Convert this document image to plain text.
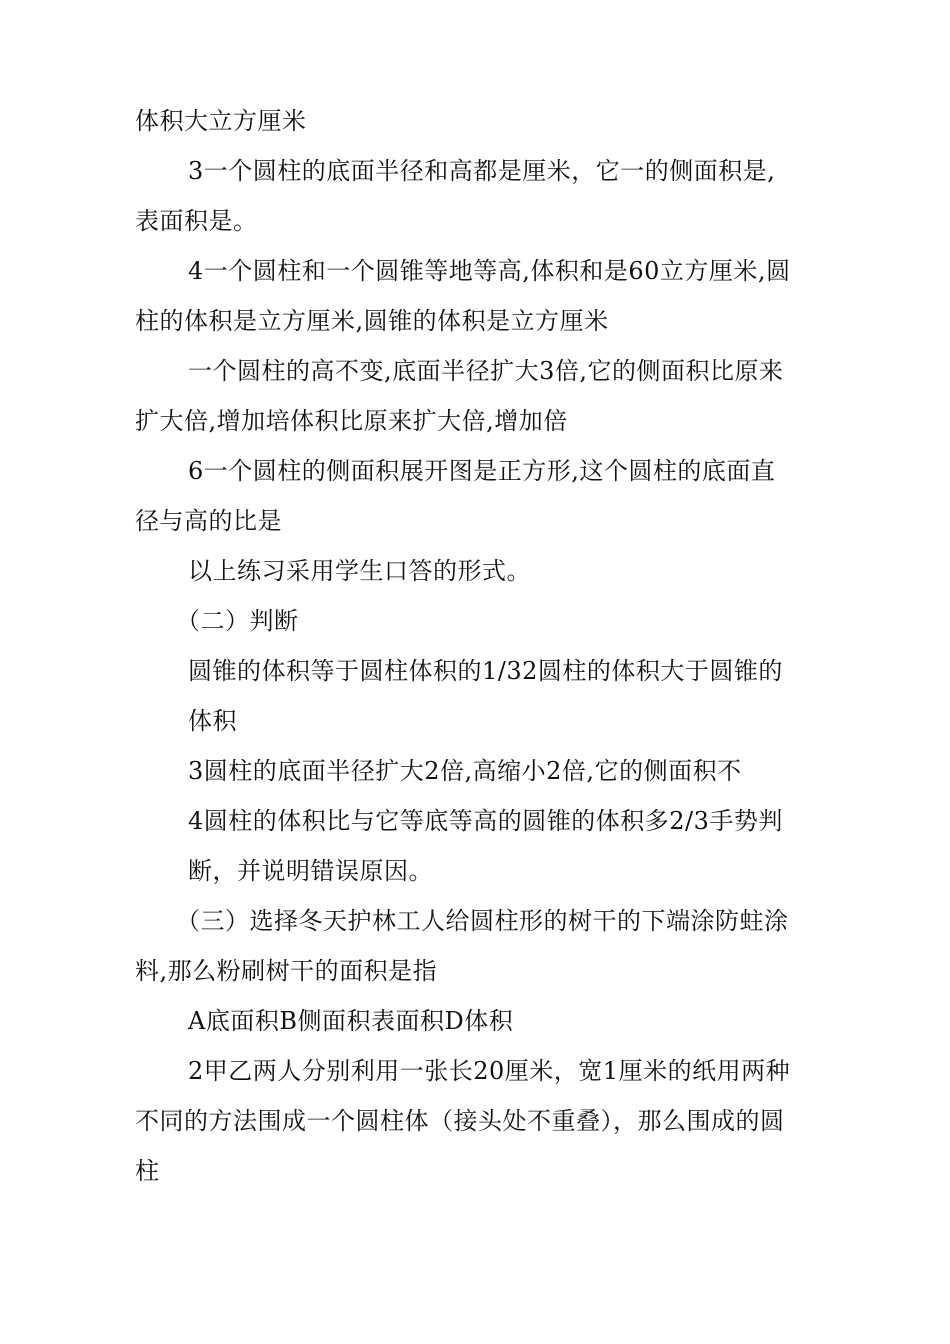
体积大立方厘米
3一个圆柱的底面半径和高都是厘米，它一的侧面积是,
表面积是。
4一个圆柱和一个圆锥等地等高,体积和是60立方厘米,圆
柱的体积是立方厘米,圆锥的体积是立方厘米
一个圆柱的高不变,底面半径扩大3倍,它的侧面积比原来
扩大倍,增加培体积比原来扩大倍,增加倍
6一个圆柱的侧面积展开图是正方形,这个圆柱的底面直
径与高的比是
以上练习采用学生口答的形式。
（二）判断
圆锥的体积等于圆柱体积的1/32圆柱的体积大于圆锥的
体积
3圆柱的底面半径扩大2倍,高缩小2倍,它的侧面积不
4圆柱的体积比与它等底等高的圆锥的体积多2/3手势判
断，并说明错误原因。
（三）选择冬天护林工人给圆柱形的树干的下端涂防蛀涂
料,那么粉刷树干的面积是指
A底面积B侧面积表面积D体积
2甲乙两人分别利用一张长20厘米，宽1厘米的纸用两种
不同的方法围成一个圆柱体（接头处不重叠），那么围成的圆
柱
